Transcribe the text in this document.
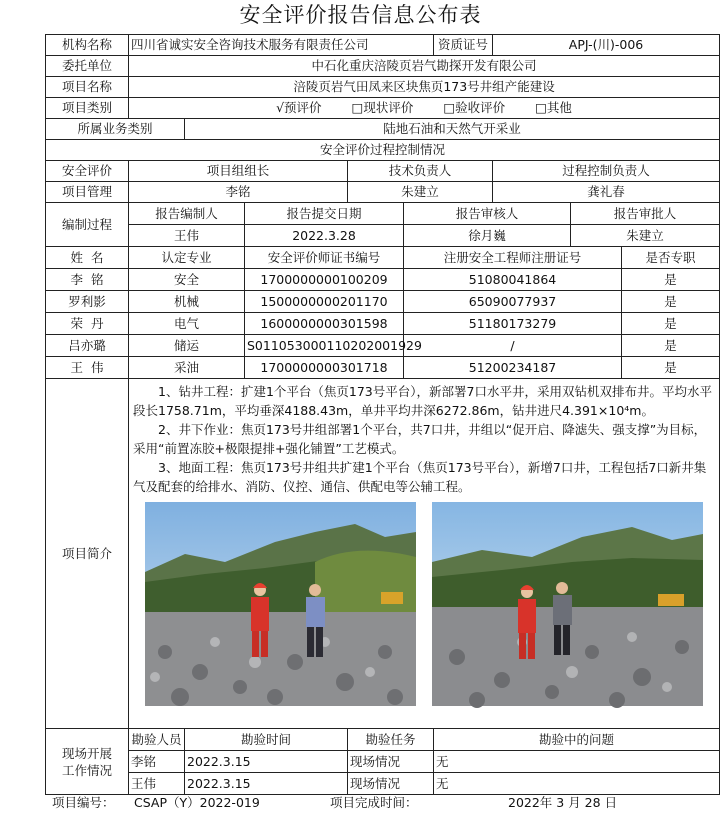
安全评价报告信息公布表
机构名称	四川省诚实安全咨询技术服务有限责任公司					资质证号	APJ-(川)-006		
委托单位	中石化重庆涪陵页岩气勘探开发有限公司								
项目名称	涪陵页岩气田凤来区块焦页173号井组产能建设								
项目类别	√预评价 □现状评价 □验收评价 □其他								
所属业务类别		陆地石油和天然气开采业							
安全评价过程控制情况									
安全评价	项目组组长			技术负责人			过程控制负责人		
项目管理	李铭			朱建立			龚礼春		
编制过程	报告编制人		报告提交日期		报告审核人			报告审批人	
	王伟		2022.3.28		徐月巍			朱建立	
姓  名	认定专业		安全评价师证书编号		注册安全工程师注册证号				是否专职
李  铭	安全		1700000000100209		51080041864				是
罗利影	机械		1500000000201170		65090077937				是
荣  丹	电气		1600000000301598		51180173279				是
吕亦璐	储运		S011053000110202001929		/				是
王  伟	采油		1700000000301718		51200234187				是
项目简介	1、钻井工程：扩建1个平台（焦页173号平台），新部署7口水平井，采用双钻机双排布井。平均水平段长1758.71m，平均垂深4188.43m，单井平均井深6272.86m，钻井进尺4.391×10⁴m。

2、井下作业：焦页173号井组部署1个平台，共7口井，井组以“促开启、降滤失、强支撑”为目标，采用“前置冻胶+极限提排+强化铺置”工艺模式。

3、地面工程：焦页173号井组共扩建1个平台（焦页173号平台），新增7口井，工程包括7口新井集气及配套的给排水、消防、仪控、通信、供配电等公辅工程。								

现场开展
工作情况	勘验人员	勘验时间		勘验任务		勘验中的问题			
	李铭	2022.3.15		现场情况		无			
	王伟	2022.3.15		现场情况		无			
项目编号： CSAP（Y）2022-019	项目完成时间：	2022年 3 月 28 日
